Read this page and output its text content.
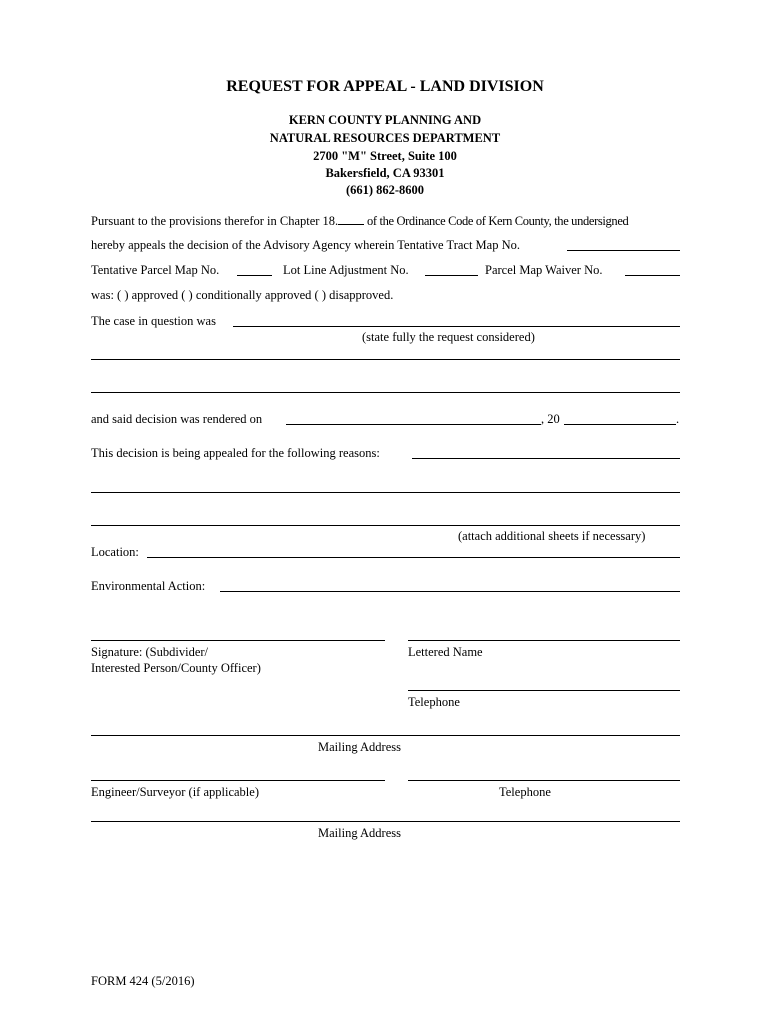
REQUEST FOR APPEAL - LAND DIVISION
KERN COUNTY PLANNING AND
NATURAL RESOURCES DEPARTMENT
2700 "M" Street, Suite 100
Bakersfield, CA 93301
(661) 862-8600
Pursuant to the provisions therefor in Chapter 18. of the Ordinance Code of Kern County, the undersigned
hereby appeals the decision of the Advisory Agency wherein Tentative Tract Map No.
Tentative Parcel Map No.	Lot Line Adjustment No.	Parcel Map Waiver No.
was: ( ) approved ( ) conditionally approved ( ) disapproved.
The case in question was
(state fully the request considered)
and said decision was rendered on	, 20	.
This decision is being appealed for the following reasons:
(attach additional sheets if necessary)
Location:
Environmental Action:
Signature: (Subdivider/
Interested Person/County Officer)
Lettered Name
Telephone
Mailing Address
Engineer/Surveyor (if applicable)	Telephone
Mailing Address
FORM 424 (5/2016)
